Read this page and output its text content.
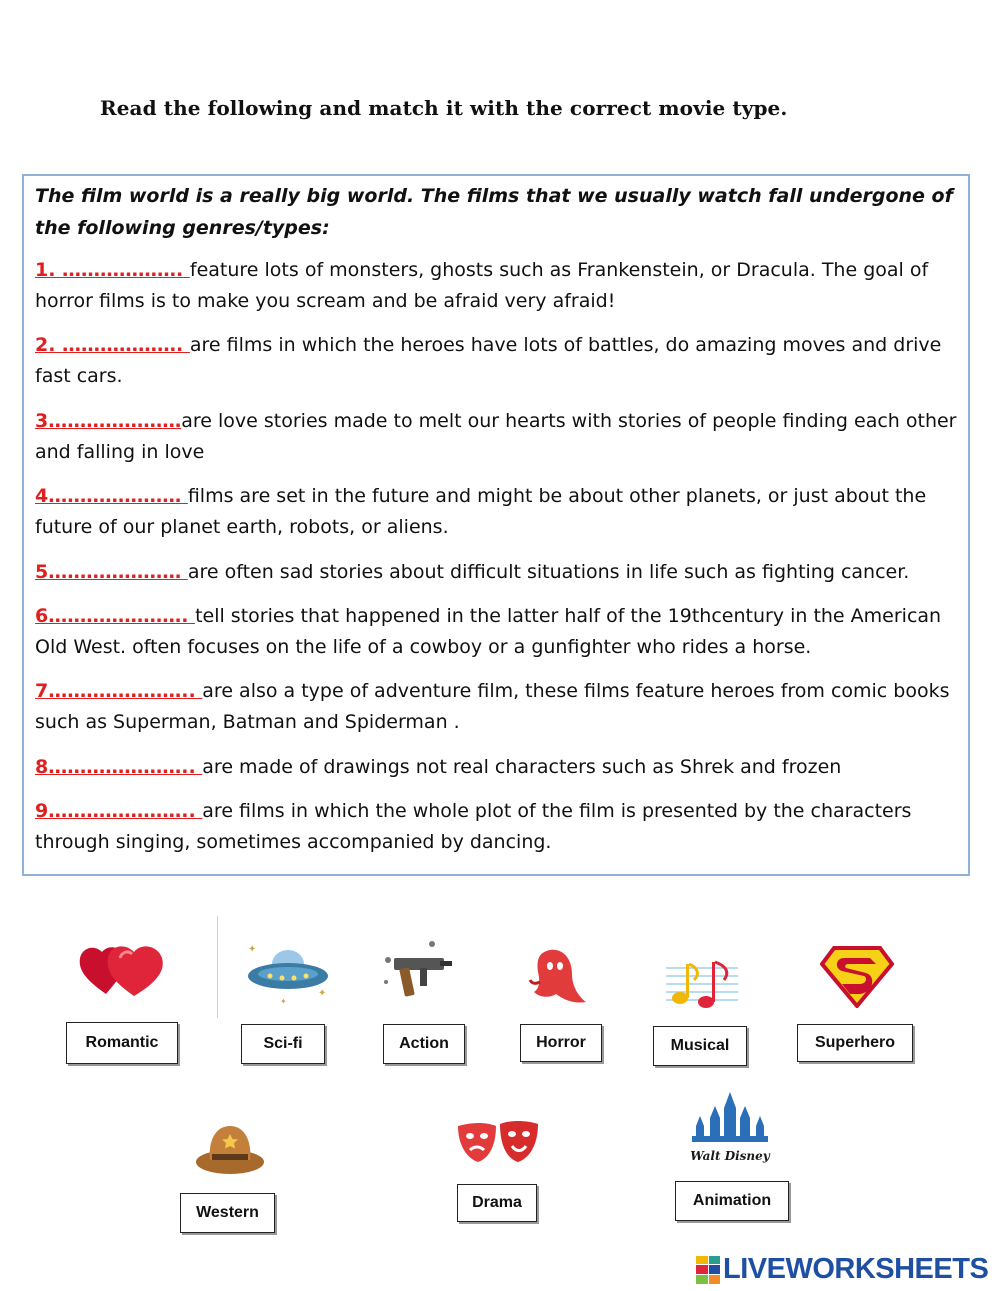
Read the following and match it with the correct movie type.
The film world is a really big world. The films that we usually watch fall undergone of the following genres/types:
1. ………………. feature lots of monsters, ghosts such as Frankenstein, or Dracula. The goal of horror films is to make you scream and be afraid very afraid!
2. ………………. are films in which the heroes have lots of battles, do amazing moves and drive fast cars.
3…………………are love stories made to melt our hearts with stories of people finding each other and falling in love
4………………… films are set in the future and might be about other planets, or just about the future of our planet earth, robots, or aliens.
5………………… are often sad stories about difficult situations in life such as fighting cancer.
6…………………. tell stories that happened in the latter half of the 19thcentury in the American Old West. often focuses on the life of a cowboy or a gunfighter who rides a horse.
7………………….. are also a type of adventure film, these films feature heroes from comic books such as Superman, Batman and Spiderman .
8………………….. are made of drawings not real characters such as Shrek and frozen
9………………….. are films in which the whole plot of the film is presented by the characters through singing, sometimes accompanied by dancing.
✦
✦
✦
Romantic	Sci-fi	Action	Horror	Musical	Superhero
Walt Disney
Western
Drama	Animation
LIVEWORKSHEETS
